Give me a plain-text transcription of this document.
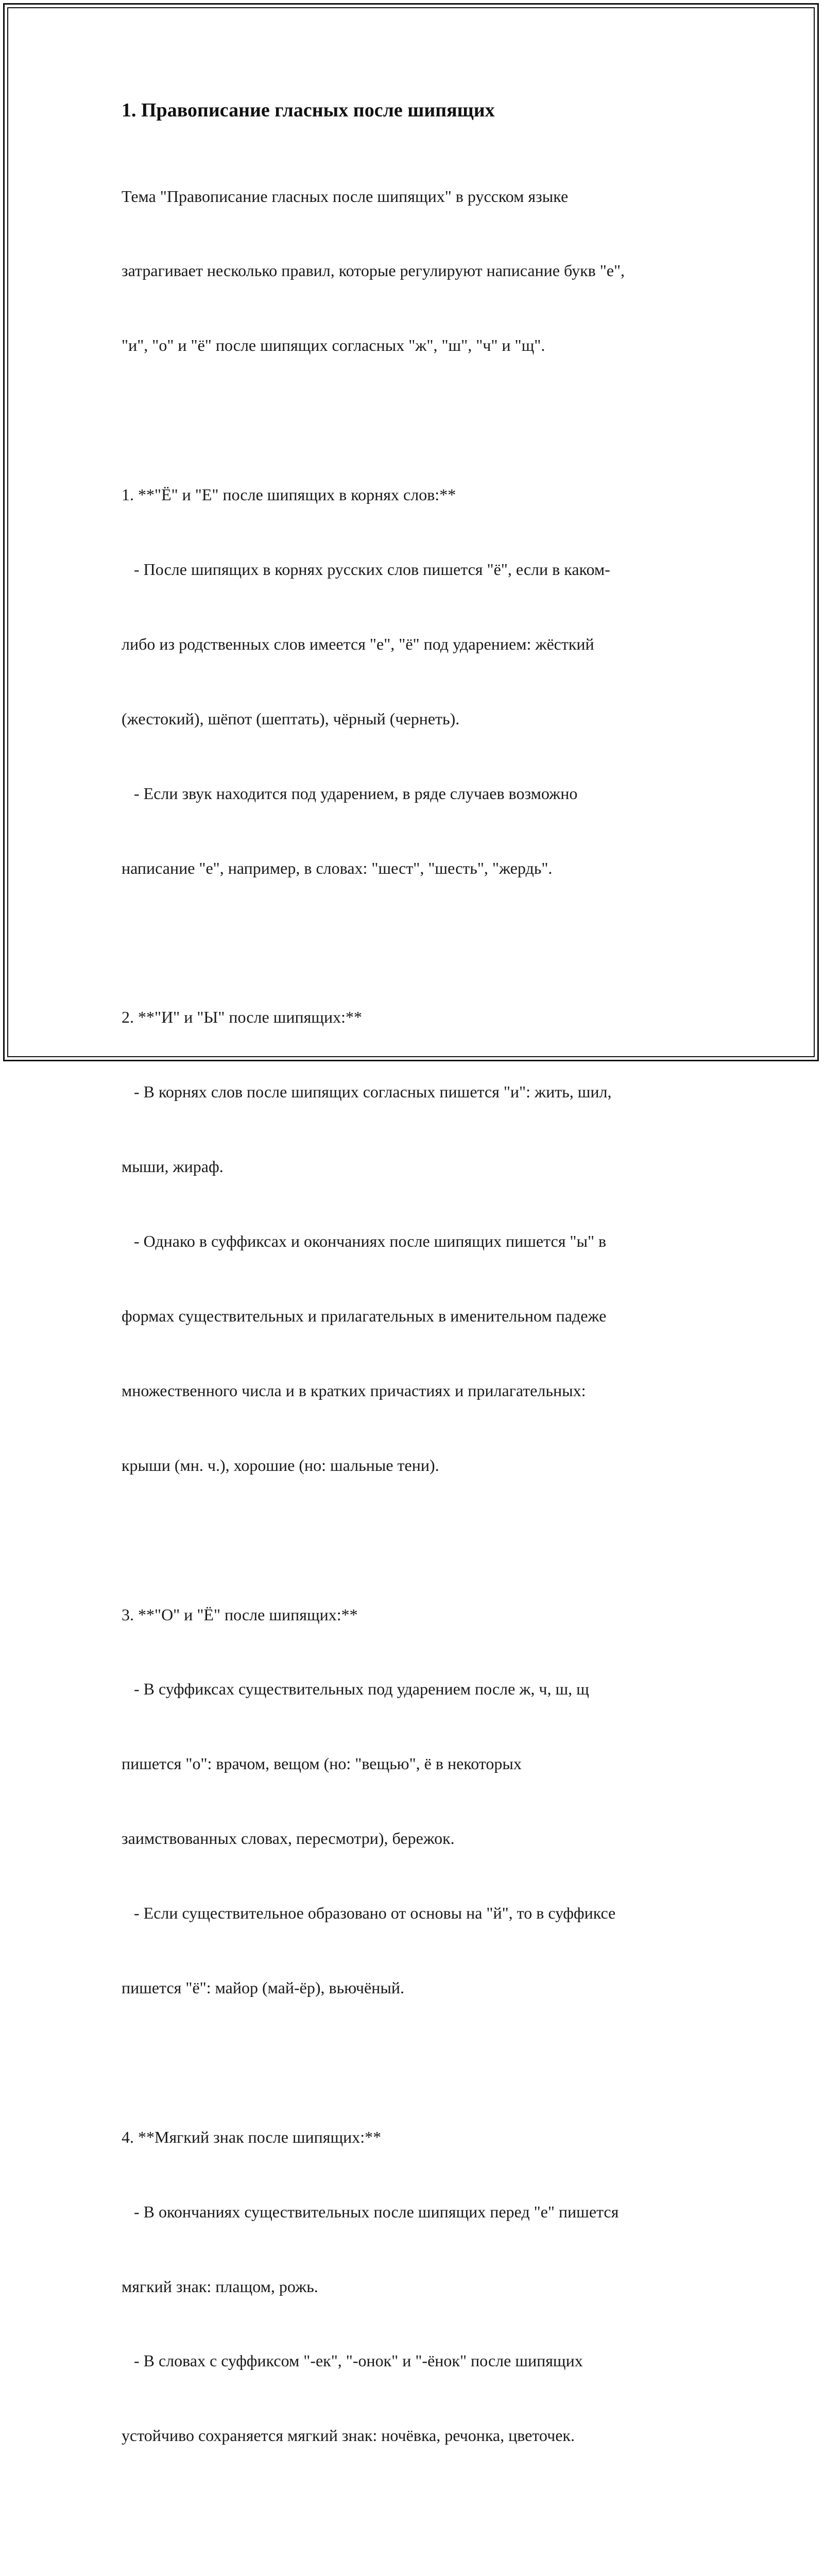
1. Правописание гласных после шипящих

Тема "Правописание гласных после шипящих" в русском языке

затрагивает несколько правил, которые регулируют написание букв "е",

"и", "о" и "ё" после шипящих согласных "ж", "ш", "ч" и "щ".

1. **"Ё" и "Е" после шипящих в корнях слов:**

- После шипящих в корнях русских слов пишется "ё", если в каком-

либо из родственных слов имеется "е", "ё" под ударением: жёсткий

(жестокий), шёпот (шептать), чёрный (чернеть).

- Если звук находится под ударением, в ряде случаев возможно

написание "е", например, в словах: "шест", "шесть", "жердь".

2. **"И" и "Ы" после шипящих:**

- В корнях слов после шипящих согласных пишется "и": жить, шил,

мыши, жираф.

- Однако в суффиксах и окончаниях после шипящих пишется "ы" в

формах существительных и прилагательных в именительном падеже

множественного числа и в кратких причастиях и прилагательных:

крыши (мн. ч.), хорошие (но: шальные тени).

3. **"О" и "Ё" после шипящих:**

- В суффиксах существительных под ударением после ж, ч, ш, щ

пишется "о": врачом, вещом (но: "вещью", ё в некоторых

заимствованных словах, пересмотри), бережок.

- Если существительное образовано от основы на "й", то в суффиксе

пишется "ё": майор (май-ёр), вьючёный.

4. **Мягкий знак после шипящих:**

- В окончаниях существительных после шипящих перед "е" пишется

мягкий знак: плащом, рожь.

- В словах с суффиксом "-ек", "-онок" и "-ёнок" после шипящих

устойчиво сохраняется мягкий знак: ночёвка, речонка, цветочек.
